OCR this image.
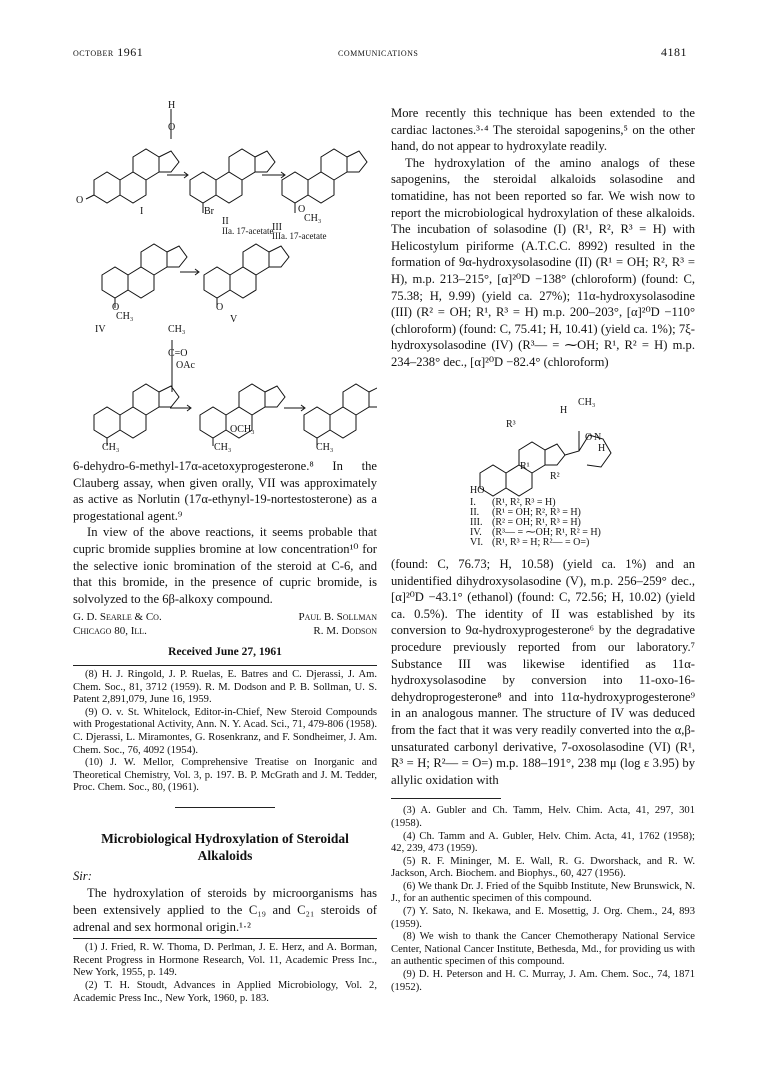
october 1961	communications	4181
O
H
O
I	Br	O
CH₃
II
IIa. 17-acetate
III
IIIa. 17-acetate
O
CH₃
IV
O
V
CH₃
C=O
OAc
OCH₃
CH₃	CH₃	CH₃

6-dehydro-6-methyl-17α-acetoxyprogesterone.⁸ In the Clauberg assay, when given orally, VII was approximately as active as Norlutin (17α-ethynyl-19-nortestosterone) as a progestational agent.⁹

In view of the above reactions, it seems probable that cupric bromide supplies bromine at low concentration¹⁰ for the selective ionic bromination of the steroid at C-6, and that this bromide, in the presence of cupric bromide, is solvolyzed to the 6β-alkoxy compound.

G. D. Searle & Co.
Chicago 80, Ill.
Paul B. Sollman
R. M. Dodson
Received June 27, 1961

(8) H. J. Ringold, J. P. Ruelas, E. Batres and C. Djerassi, J. Am. Chem. Soc., 81, 3712 (1959). R. M. Dodson and P. B. Sollman, U. S. Patent 2,891,079, June 16, 1959.

(9) O. v. St. Whitelock, Editor-in-Chief, New Steroid Compounds with Progestational Activity, Ann. N. Y. Acad. Sci., 71, 479-806 (1958). C. Djerassi, L. Miramontes, G. Rosenkranz, and F. Sondheimer, J. Am. Chem. Soc., 76, 4092 (1954).

(10) J. W. Mellor, Comprehensive Treatise on Inorganic and Theoretical Chemistry, Vol. 3, p. 197. B. P. McGrath and J. M. Tedder, Proc. Chem. Soc., 80, (1961).

Microbiological Hydroxylation of Steroidal Alkaloids
Sir:

The hydroxylation of steroids by microorganisms has been extensively applied to the C₁₉ and C₂₁ steroids of adrenal and sex hormonal origin.¹·²

(1) J. Fried, R. W. Thoma, D. Perlman, J. E. Herz, and A. Borman, Recent Progress in Hormone Research, Vol. 11, Academic Press Inc., New York, 1955, p. 149.

(2) T. H. Stoudt, Advances in Applied Microbiology, Vol. 2, Academic Press Inc., New York, 1960, p. 183.

More recently this technique has been extended to the cardiac lactones.³·⁴ The steroidal sapogenins,⁵ on the other hand, do not appear to hydroxylate readily.

The hydroxylation of the amino analogs of these sapogenins, the steroidal alkaloids solasodine and tomatidine, has not been reported so far. We wish now to report the microbiological hydroxylation of these alkaloids. The incubation of solasodine (I) (R¹, R², R³ = H) with Helicostylum piriforme (A.T.C.C. 8992) resulted in the formation of 9α-hydroxysolasodine (II) (R¹ = OH; R², R³ = H), m.p. 213–215°, [α]²⁰D −138° (chloroform) (found: C, 75.38; H, 9.99) (yield ca. 27%); 11α-hydroxysolasodine (III) (R² = OH; R¹, R³ = H) m.p. 200–203°, [α]²⁰D −110° (chloroform) (found: C, 75.41; H, 10.41) (yield ca. 1%); 7ξ-hydroxysolasodine (IV) (R³— = ⁓OH; R¹, R² = H) m.p. 234–238° dec., [α]²⁰D −82.4° (chloroform)

CH₃
H
R³
O N
H
R¹
R²
HO
I. (R¹, R², R³ = H)
II. (R¹ = OH; R², R³ = H)
III. (R² = OH; R¹, R³ = H)
IV. (R³— = ⁓OH; R¹, R² = H)
VI. (R¹, R³ = H; R²— = O=)

(found: C, 76.73; H, 10.58) (yield ca. 1%) and an unidentified dihydroxysolasodine (V), m.p. 256–259° dec., [α]²⁰D −43.1° (ethanol) (found: C, 72.56; H, 10.02) (yield ca. 0.5%). The identity of II was established by its conversion to 9α-hydroxyprogesterone⁶ by the degradative procedure previously reported from our laboratory.⁷ Substance III was likewise identified as 11α-hydroxysolasodine by conversion into 11-oxo-16-dehydroprogesterone⁸ and into 11α-hydroxyprogesterone⁹ in an analogous manner. The structure of IV was deduced from the fact that it was very readily converted into the α,β-unsaturated carbonyl derivative, 7-oxosolasodine (VI) (R¹, R³ = H; R²— = O=) m.p. 188–191°, 238 mμ (log ε 3.95) by allylic oxidation with

(3) A. Gubler and Ch. Tamm, Helv. Chim. Acta, 41, 297, 301 (1958).

(4) Ch. Tamm and A. Gubler, Helv. Chim. Acta, 41, 1762 (1958); 42, 239, 473 (1959).

(5) R. F. Mininger, M. E. Wall, R. G. Dworshack, and R. W. Jackson, Arch. Biochem. and Biophys., 60, 427 (1956).

(6) We thank Dr. J. Fried of the Squibb Institute, New Brunswick, N. J., for an authentic specimen of this compound.

(7) Y. Sato, N. Ikekawa, and E. Mosettig, J. Org. Chem., 24, 893 (1959).

(8) We wish to thank the Cancer Chemotherapy National Service Center, National Cancer Institute, Bethesda, Md., for providing us with an authentic specimen of this compound.

(9) D. H. Peterson and H. C. Murray, J. Am. Chem. Soc., 74, 1871 (1952).
